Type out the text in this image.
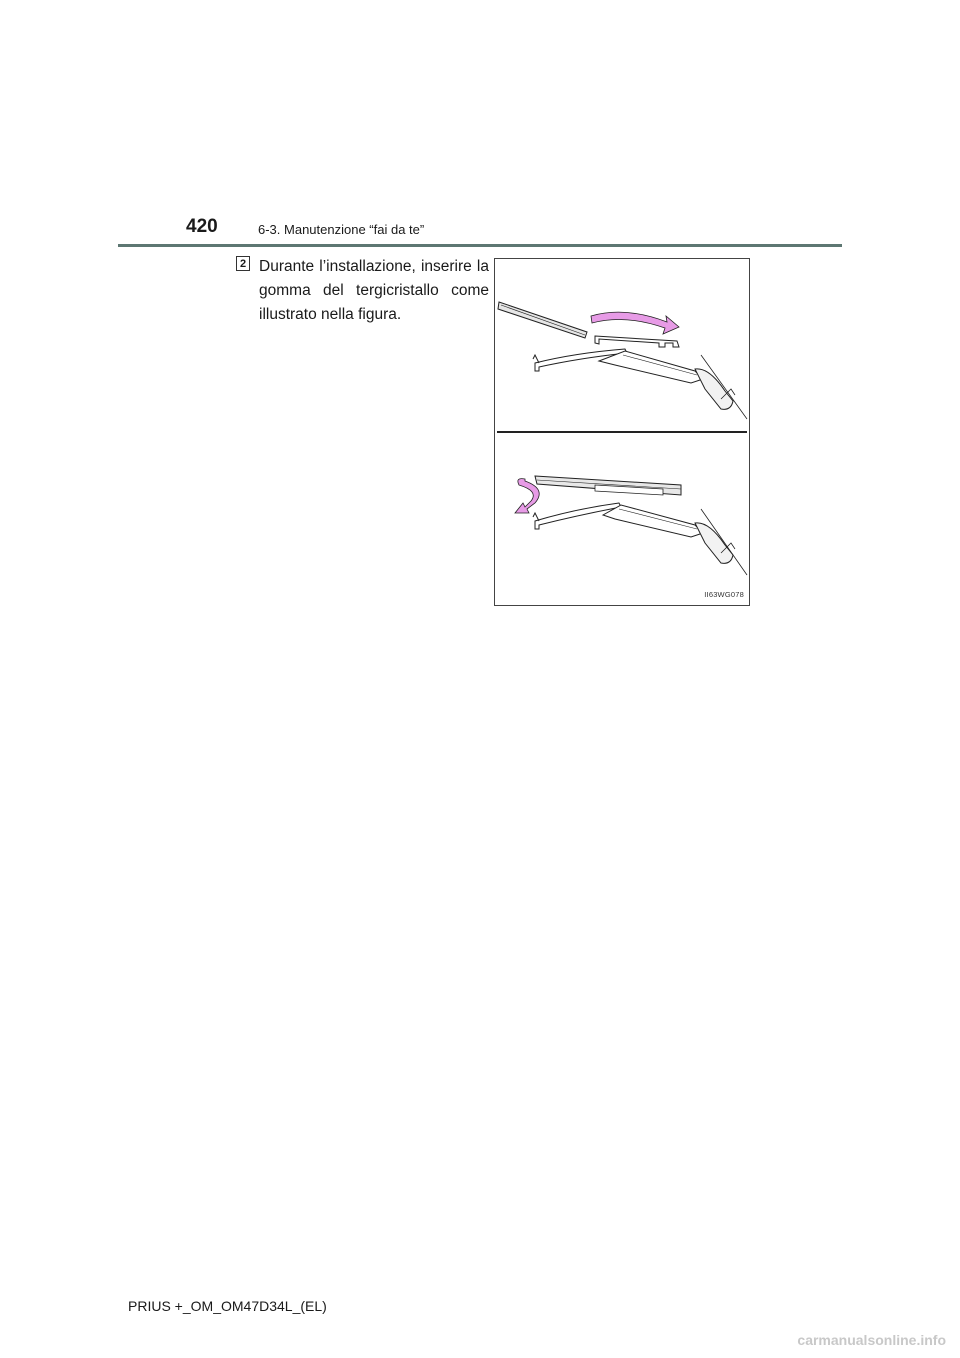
420	6-3. Manutenzione “fai da te”
2 Durante l’installazione, inserire la gomma del tergicristallo come illustrato nella figura.
II63WG078
PRIUS +_OM_OM47D34L_(EL)
carmanualsonline.info
